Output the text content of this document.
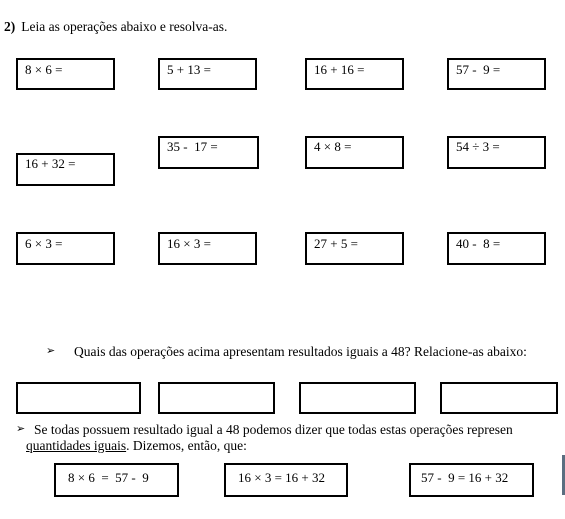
2) Leia as operações abaixo e resolva-as.
8 × 6 =	5 + 13 =	16 + 16 =	57 -  9 =
16 + 32 =
35 -  17 =	4 × 8 =	54 ÷ 3 =
6 × 3 =	16 × 3 =	27 + 5 =	40 -  8 =
➢ Quais das operações acima apresentam resultados iguais a 48? Relacione-as abaixo:
➢ Se todas possuem resultado igual a 48 podemos dizer que todas estas operações represen
quantidades iguais. Dizemos, então, que:
8 × 6  =  57 -  9	16 × 3 = 16 + 32	57 -  9 = 16 + 32
